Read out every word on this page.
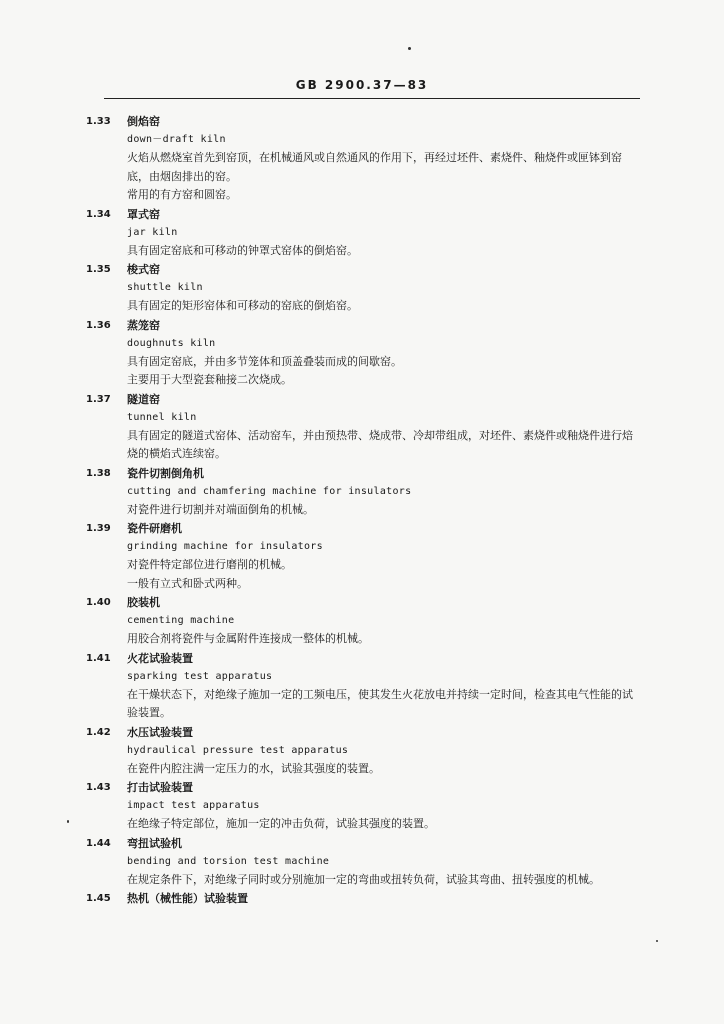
GB 2900.37—83
1.33 倒焰窑
down－draft kiln
火焰从燃烧室首先到窑顶，在机械通风或自然通风的作用下，再经过坯件、素烧件、釉烧件或匣钵到窑底，由烟囱排出的窑。
常用的有方窑和圆窑。
1.34 罩式窑
jar kiln
具有固定窑底和可移动的钟罩式窑体的倒焰窑。
1.35 梭式窑
shuttle kiln
具有固定的矩形窑体和可移动的窑底的倒焰窑。
1.36 蒸笼窑
doughnuts kiln
具有固定窑底，并由多节笼体和顶盖叠装而成的间歇窑。
主要用于大型瓷套釉接二次烧成。
1.37 隧道窑
tunnel kiln
具有固定的隧道式窑体、活动窑车，并由预热带、烧成带、冷却带组成，对坯件、素烧件或釉烧件进行焙烧的横焰式连续窑。
1.38 瓷件切割倒角机
cutting and chamfering machine for insulators
对瓷件进行切割并对端面倒角的机械。
1.39 瓷件研磨机
grinding machine for insulators
对瓷件特定部位进行磨削的机械。
一般有立式和卧式两种。
1.40 胶装机
cementing machine
用胶合剂将瓷件与金属附件连接成一整体的机械。
1.41 火花试验装置
sparking test apparatus
在干燥状态下，对绝缘子施加一定的工频电压，使其发生火花放电并持续一定时间，检查其电气性能的试验装置。
1.42 水压试验装置
hydraulical pressure test apparatus
在瓷件内腔注满一定压力的水，试验其强度的装置。
1.43 打击试验装置
impact test apparatus
在绝缘子特定部位，施加一定的冲击负荷，试验其强度的装置。
1.44 弯扭试验机
bending and torsion test machine
在规定条件下，对绝缘子同时或分别施加一定的弯曲或扭转负荷，试验其弯曲、扭转强度的机械。
1.45 热机（械性能）试验装置
